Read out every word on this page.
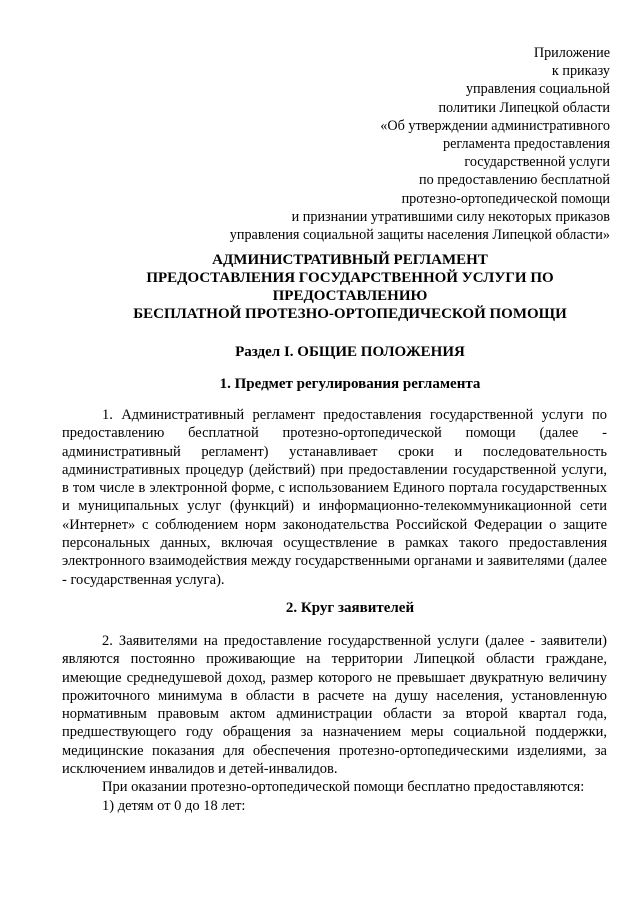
Приложение
к приказу
управления социальной
политики Липецкой области
«Об утверждении административного
регламента предоставления
государственной услуги
по предоставлению бесплатной
протезно-ортопедической помощи
и признании утратившими силу некоторых приказов
управления социальной защиты населения Липецкой области»
АДМИНИСТРАТИВНЫЙ РЕГЛАМЕНТ
ПРЕДОСТАВЛЕНИЯ ГОСУДАРСТВЕННОЙ УСЛУГИ ПО
ПРЕДОСТАВЛЕНИЮ
БЕСПЛАТНОЙ ПРОТЕЗНО-ОРТОПЕДИЧЕСКОЙ ПОМОЩИ
Раздел I. ОБЩИЕ ПОЛОЖЕНИЯ
1. Предмет регулирования регламента

1. Административный регламент предоставления государственной услуги по предоставлению бесплатной протезно-ортопедической помощи (далее - административный регламент) устанавливает сроки и последовательность административных процедур (действий) при предоставлении государственной услуги, в том числе в электронной форме, с использованием Единого портала государственных и муниципальных услуг (функций) и информационно-телекоммуникационной сети «Интернет» с соблюдением норм законодательства Российской Федерации о защите персональных данных, включая осуществление в рамках такого предоставления электронного взаимодействия между государственными органами и заявителями (далее - государственная услуга).

2. Круг заявителей

2. Заявителями на предоставление государственной услуги (далее - заявители) являются постоянно проживающие на территории Липецкой области граждане, имеющие среднедушевой доход, размер которого не превышает двукратную величину прожиточного минимума в области в расчете на душу населения, установленную нормативным правовым актом администрации области за второй квартал года, предшествующего году обращения за назначением меры социальной поддержки, медицинские показания для обеспечения протезно-ортопедическими изделиями, за исключением инвалидов и детей-инвалидов.

При оказании протезно-ортопедической помощи бесплатно предоставляются:

1) детям от 0 до 18 лет:
